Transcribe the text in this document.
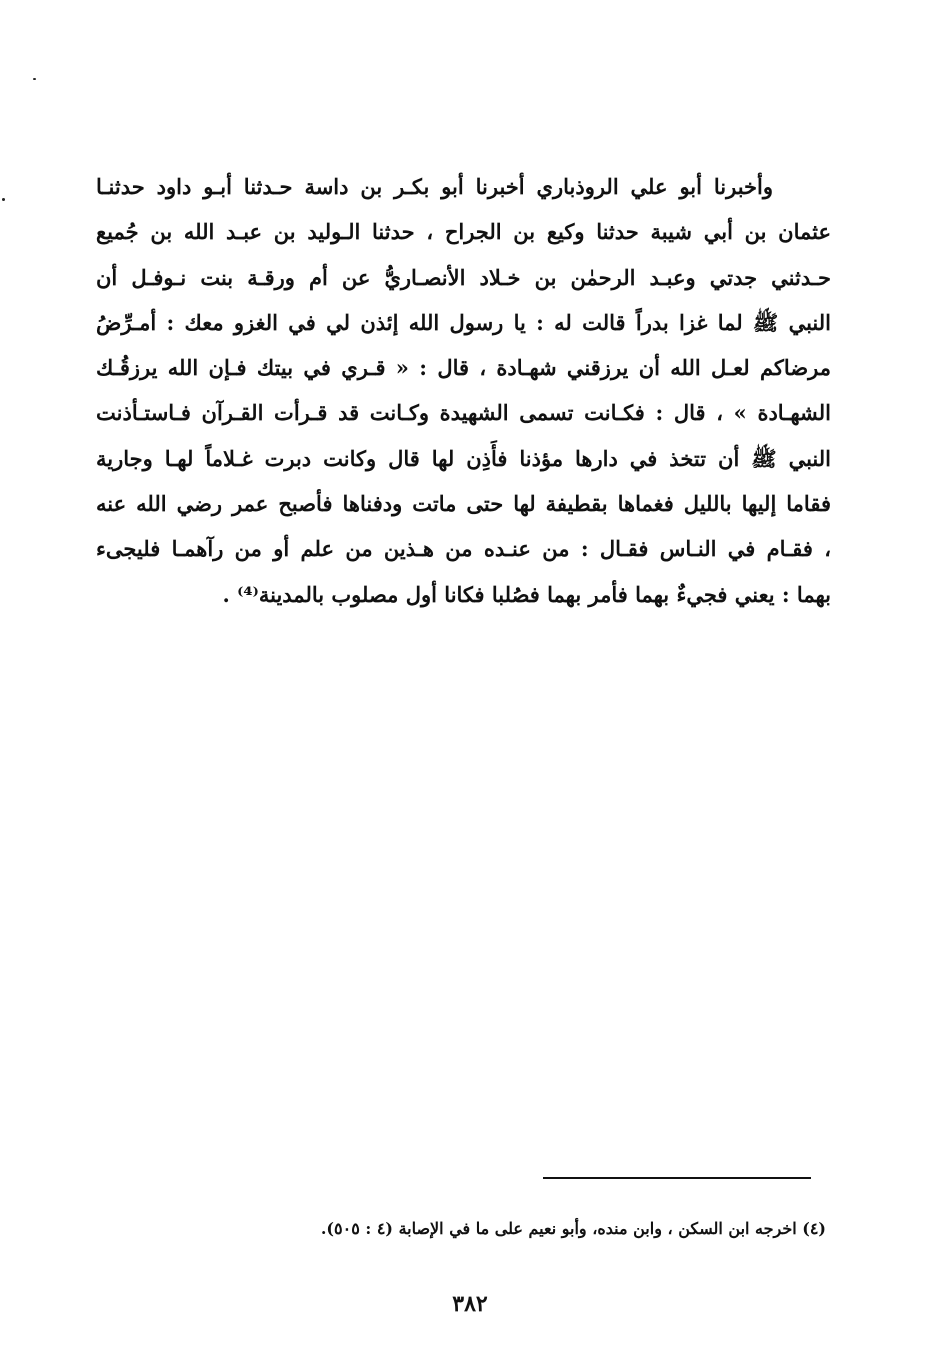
وأخبرنا أبو علي الروذباري أخبرنا أبو بكـر بن داسة حـدثنا أبـو داود حدثنـا
عثمان بن أبي شيبة حدثنا وكيع بن الجراح ، حدثنا الـوليد بن عبـد الله بن جُميع
حـدثني جدتي وعبـد الرحمٰن بن خـلاد الأنصـاريُّ عن أم ورقـة بنت نـوفـل أن
النبي ﷺ لما غزا بدراً قالت له : يا رسول الله إئذن لي في الغزو معك : أمـرِّضُ
مرضاكم لعـل الله أن يرزقني شهـادة ، قال : « قـري في بيتك فـإن الله يرزقُـك
الشهـادة » ، قال : فكـانت تسمى الشهيدة وكـانت قد قـرأت القـرآن فـاستـأذنت
النبي ﷺ أن تتخذ في دارها مؤذنا فأَذِن لها قال وكانت دبرت غـلاماً لهـا وجارية
فقاما إليها بالليل فغماها بقطيفة لها حتى ماتت ودفناها فأصبح عمر رضي الله عنه
، فقـام في النـاس فقـال : من عنـده من هـذين من علم أو من رآهمـا فليجىء
بهما : يعني فجيءٌ بهما فأمر بهما فصُلبا فكانا أول مصلوب بالمدينة⁽⁴⁾ .
(٤) اخرجه ابن السكن ، وابن منده، وأبو نعيم على ما في الإصابة (٤ : ٥٠٥).
٣٨٢
